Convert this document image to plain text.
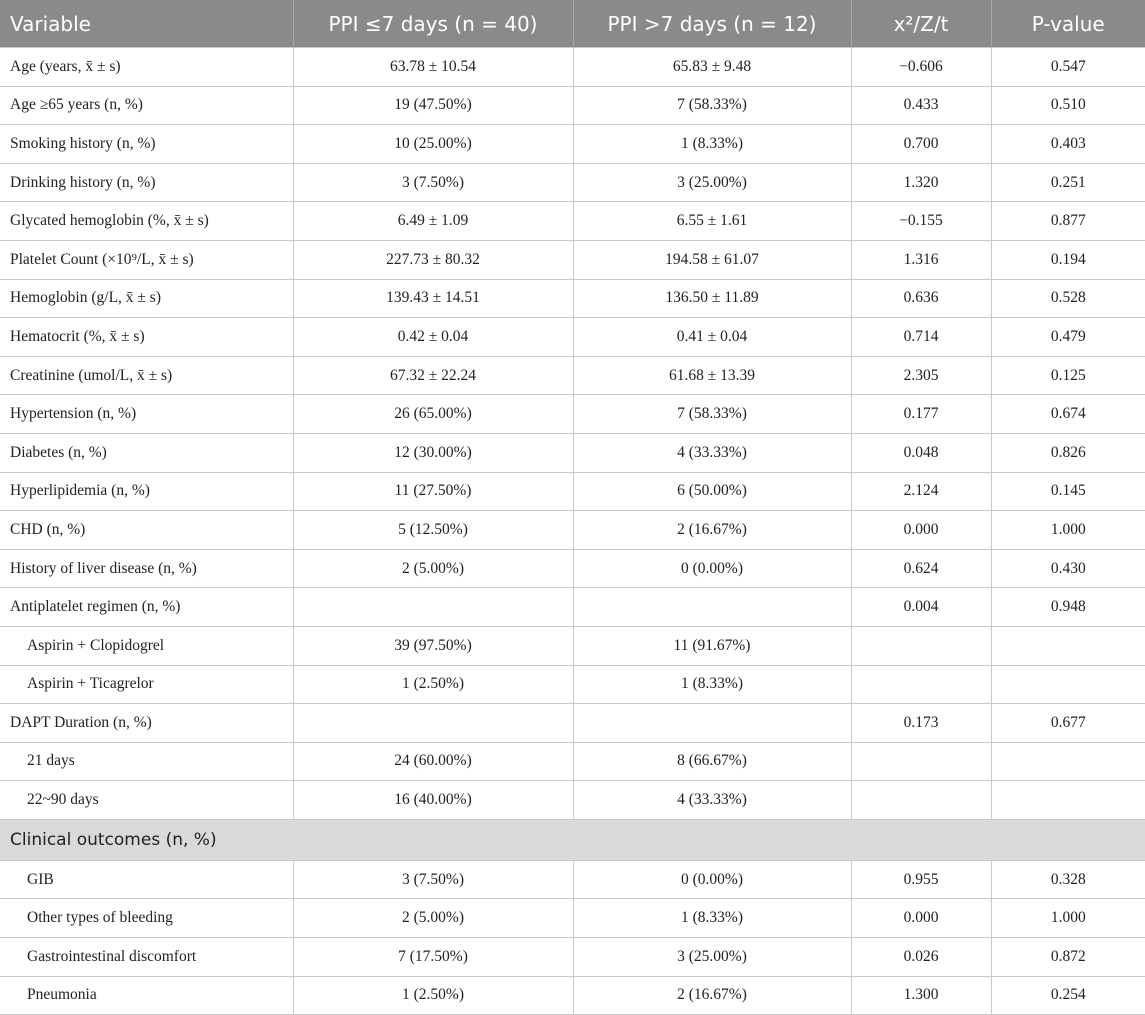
Variable	PPI ≤7 days (n = 40)	PPI >7 days (n = 12)	x²/Z/t	P-value
Age (years, x̄ ± s)	63.78 ± 10.54	65.83 ± 9.48	−0.606	0.547
Age ≥65 years (n, %)	19 (47.50%)	7 (58.33%)	0.433	0.510
Smoking history (n, %)	10 (25.00%)	1 (8.33%)	0.700	0.403
Drinking history (n, %)	3 (7.50%)	3 (25.00%)	1.320	0.251
Glycated hemoglobin (%, x̄ ± s)	6.49 ± 1.09	6.55 ± 1.61	−0.155	0.877
Platelet Count (×10⁹/L, x̄ ± s)	227.73 ± 80.32	194.58 ± 61.07	1.316	0.194
Hemoglobin (g/L, x̄ ± s)	139.43 ± 14.51	136.50 ± 11.89	0.636	0.528
Hematocrit (%, x̄ ± s)	0.42 ± 0.04	0.41 ± 0.04	0.714	0.479
Creatinine (umol/L, x̄ ± s)	67.32 ± 22.24	61.68 ± 13.39	2.305	0.125
Hypertension (n, %)	26 (65.00%)	7 (58.33%)	0.177	0.674
Diabetes (n, %)	12 (30.00%)	4 (33.33%)	0.048	0.826
Hyperlipidemia (n, %)	11 (27.50%)	6 (50.00%)	2.124	0.145
CHD (n, %)	5 (12.50%)	2 (16.67%)	0.000	1.000
History of liver disease (n, %)	2 (5.00%)	0 (0.00%)	0.624	0.430
Antiplatelet regimen (n, %)			0.004	0.948
Aspirin + Clopidogrel	39 (97.50%)	11 (91.67%)		
Aspirin + Ticagrelor	1 (2.50%)	1 (8.33%)		
DAPT Duration (n, %)			0.173	0.677
21 days	24 (60.00%)	8 (66.67%)		
22~90 days	16 (40.00%)	4 (33.33%)		
Clinical outcomes (n, %)				
GIB	3 (7.50%)	0 (0.00%)	0.955	0.328
Other types of bleeding	2 (5.00%)	1 (8.33%)	0.000	1.000
Gastrointestinal discomfort	7 (17.50%)	3 (25.00%)	0.026	0.872
Pneumonia	1 (2.50%)	2 (16.67%)	1.300	0.254
